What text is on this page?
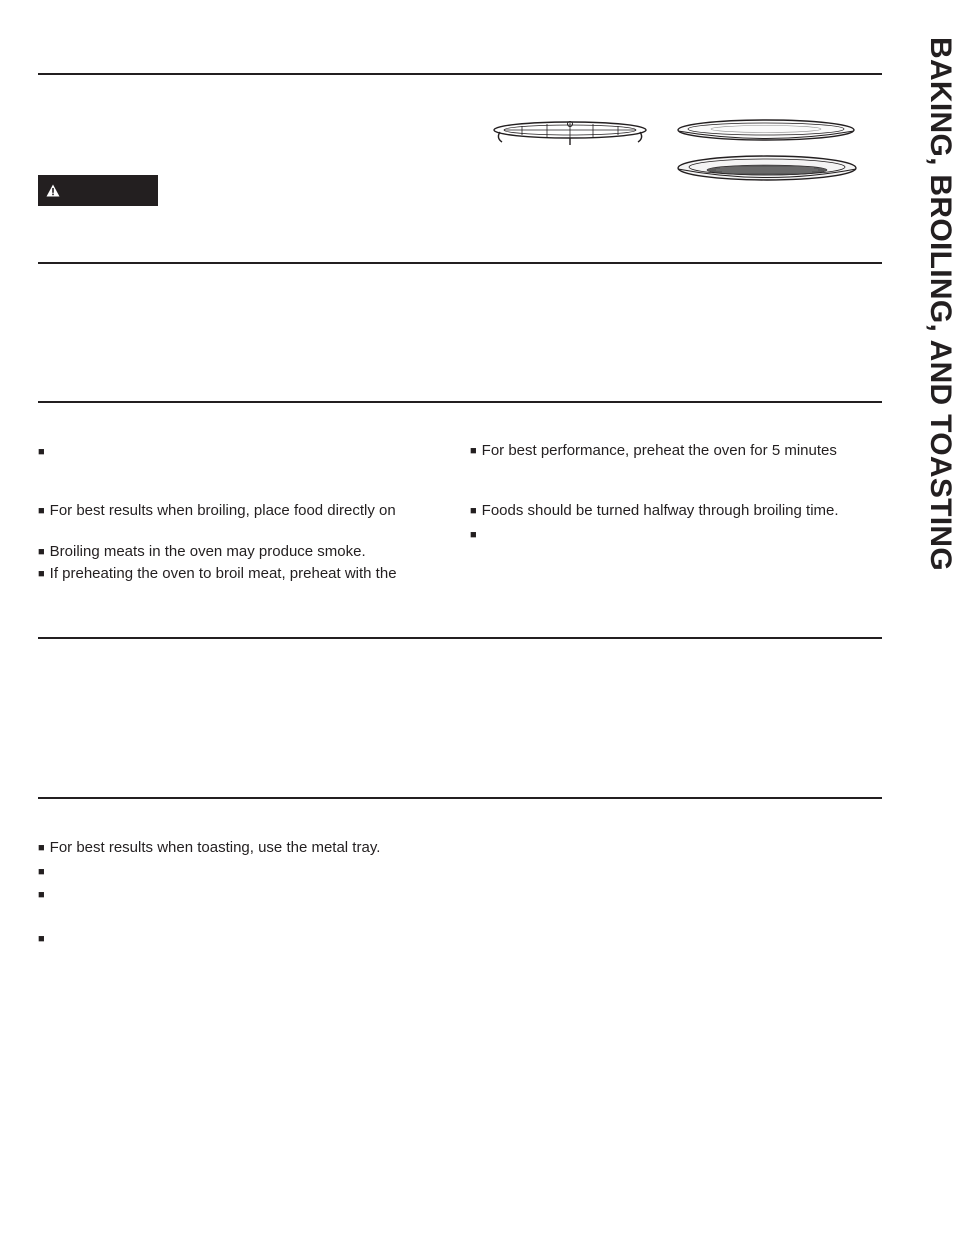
■
■ For best results when broiling, place food directly on
■ Broiling meats in the oven may produce smoke.
■ If preheating the oven to broil meat, preheat with the
■ For best performance, preheat the oven for 5 minutes
■ Foods should be turned halfway through broiling time.
■
■ For best results when toasting, use the metal tray.
■
■
■
BAKING, BROILING, AND TOASTING
